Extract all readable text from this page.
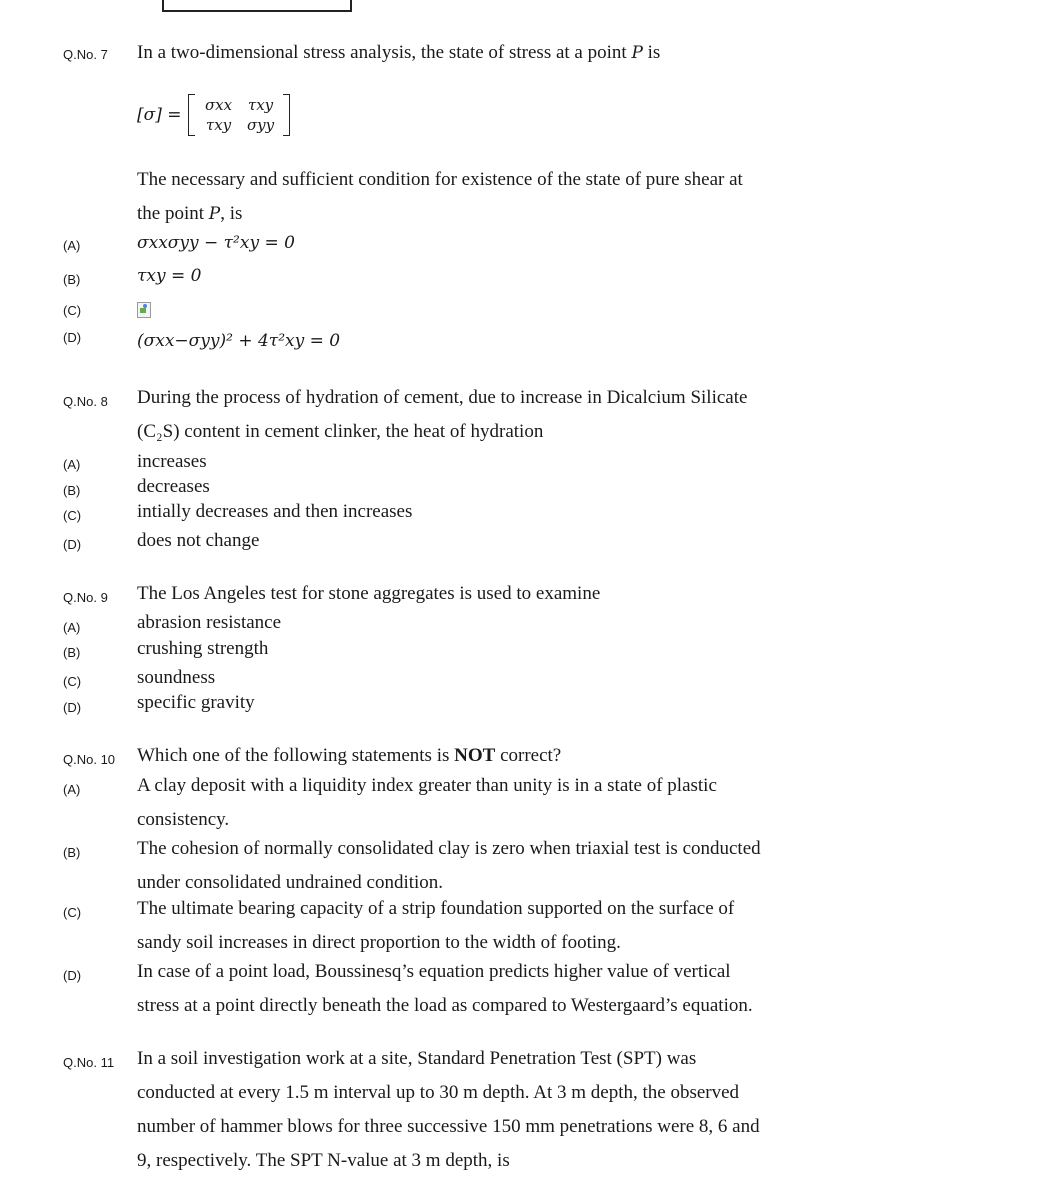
Q.No. 7 In a two-dimensional stress analysis, the state of stress at a point P is
[σ] = σxx τxy
τxy σyy
The necessary and sufficient condition for existence of the state of pure shear at
the point P, is
(A)	σxxσyy − τ²xy = 0
(B)	τxy = 0
(C)
(D)	(σxx−σyy)² + 4τ²xy = 0
Q.No. 8 During the process of hydration of cement, due to increase in Dicalcium Silicate
(C₂S) content in cement clinker, the heat of hydration
(A)	increases
(B)	decreases
(C)	intially decreases and then increases
(D)	does not change
Q.No. 9 The Los Angeles test for stone aggregates is used to examine
(A)	abrasion resistance
(B)	crushing strength
(C)	soundness
(D)	specific gravity
Q.No. 10 Which one of the following statements is NOT correct?
(A)	A clay deposit with a liquidity index greater than unity is in a state of plastic
consistency.
(B)	The cohesion of normally consolidated clay is zero when triaxial test is conducted
under consolidated undrained condition.
(C)	The ultimate bearing capacity of a strip foundation supported on the surface of
sandy soil increases in direct proportion to the width of footing.
(D)	In case of a point load, Boussinesq’s equation predicts higher value of vertical
stress at a point directly beneath the load as compared to Westergaard’s equation.
Q.No. 11 In a soil investigation work at a site, Standard Penetration Test (SPT) was
conducted at every 1.5 m interval up to 30 m depth. At 3 m depth, the observed
number of hammer blows for three successive 150 mm penetrations were 8, 6 and
9, respectively. The SPT N-value at 3 m depth, is
